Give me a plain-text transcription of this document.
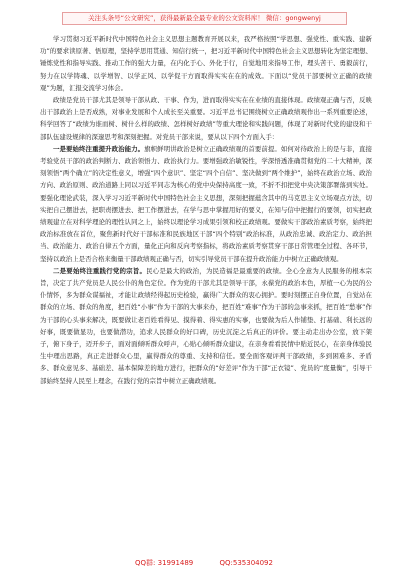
关注头条号“公文研究”，获得最新最全最专业的公文资料库！ 微信：gongwenyj

学习贯彻习近平新时代中国特色社会主义思想主题教育开展以来，我严格按照“学思想、强党性、重实践、建新功”的要求读原著、悟原理，坚持学思用贯通、知信行统一，把习近平新时代中国特色社会主义思想转化为坚定理想、锤炼党性和指导实践、推动工作的强大力量，在内化于心、外化于行，自觉地用来指导工作，理头苦干、勇毅前行，努力在以学铸魂、以学增智、以学正风、以学促干方面取得实实在在的成效。下面以“党员干部要树立正确的政绩观”为题，汇报交流学习体会。

政绩是党员干部尤其是领导干部从政、干事、作为，进而取得实实在在业绩的直接体现。政绩观正确与否，反映出干部政治上是否成熟，对事业发展和个人成长至关重要。习近平总书记围绕树立正确政绩观作出一系列重要论述，科学回答了“政绩为谁而树、树什么样的政绩、怎样树好政绩”等重大理论和实践问题，体现了对新时代党的建设和干部队伍建设规律的深邃思考和深刻把握。对党员干部来说，要从以下四个方面入手：

一是要始终注重提升政治能力。旗帜鲜明讲政治是树立正确政绩观的首要前提。如何对待政治上的是与非，直接考验党员干部的政治判断力、政治领悟力、政治执行力。要增强政治敏锐性，学深悟透准确贯彻党的二十大精神，深刻领悟“两个确立”的决定性意义，增强“四个意识”、坚定“四个自信”、坚决做到“两个维护”，始终在政治立场、政治方向、政治原则、政治道路上同以习近平同志为核心的党中央保持高度一致，不折不扣把党中央决策部署落到实处。要强化理论武装，深入学习习近平新时代中国特色社会主义思想，深刻把握蕴含其中的马克思主义立场观点方法，切实把自己摆进去，把职责摆进去、把工作摆进去，在学与思中掌握用好的要义，在知与信中把握行的要领，切实把政绩观建立在对科学理论的理性认同之上，始终以理论学习成果引领和校正政绩观。要做实干部政治素质考察，始终把政治标准放在首位，聚焦新时代好干部标准和民族地区干部“四个特别”政治标准，从政治忠诚、政治定力、政治担当、政治能力、政治自律五个方面，量化正向和反向考察指标，将政治素质考察贯穿干部日常管理全过程、各环节，坚持以政治上是否合格来衡量干部政绩观正确与否，切实引导党员干部在提升政治能力中树立正确政绩观。

二是要始终注重践行党的宗旨。民心是最大的政治，为民造福是最重要的政绩。全心全意为人民服务的根本宗旨，决定了共产党员是人民公仆的角色定位。作为党的干部尤其是领导干部，永葆党的政治本色，厚植一心为民的公仆情怀，多为群众谋福祉，才能让政绩经得起历史检验，赢得广大群众的衷心拥护。要时刻摆正自身位置，自觉站在群众的立场、群众的角度，把百姓“小事”作为干部的大事来办，把百姓“难事”作为干部的急事来抓，把百姓“愁事”作为干部的心头事来解决，既要做让老百姓看得见、摸得着、得实惠的实事，也要做为后人作铺垫、打基础、利长远的好事，既要做显功，也要做潜功，追求人民群众的好口碑，历史沉淀之后真正的评价。要主动走出办公室，放下架子，俯下身子，迈开步子，面对面倾听群众呼声，心贴心倾听群众建议，在亲身看看民情中贴近民心，在亲身体验民生中理出思路，真正走进群众心里，赢得群众的尊重、支持和信任。要全面客观评判干部政绩，多到困难多、矛盾多、群众意见多、基础差、基本保障差的地方进行，把群众的“好差评”作为干部“正衣镜”、党员的“度量衡”，引导干部始终坚持人民至上理念，在践行党的宗旨中树立正确政绩观。

QQ群: 31991489	QQ:535304092
